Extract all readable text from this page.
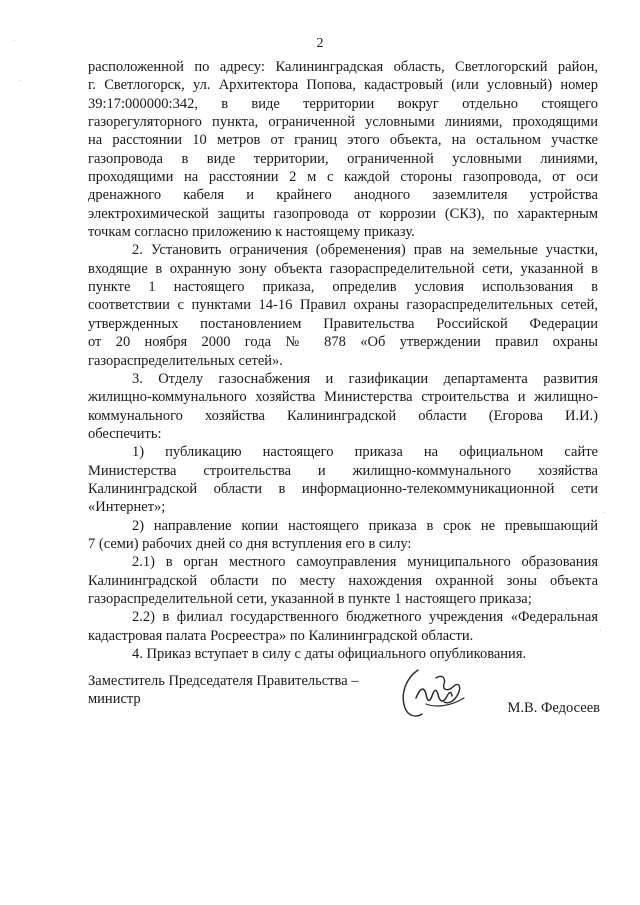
2
расположенной по адресу: Калининградская область, Светлогорский район,
г. Светлогорск, ул. Архитектора Попова, кадастровый (или условный) номер
39:17:000000:342, в виде территории вокруг отдельно стоящего
газорегуляторного пункта, ограниченной условными линиями, проходящими
на расстоянии 10 метров от границ этого объекта, на остальном участке
газопровода в виде территории, ограниченной условными линиями,
проходящими на расстоянии 2 м с каждой стороны газопровода, от оси
дренажного кабеля и крайнего анодного заземлителя устройства
электрохимической защиты газопровода от коррозии (СКЗ), по характерным
точкам согласно приложению к настоящему приказу.
2. Установить ограничения (обременения) прав на земельные участки,
входящие в охранную зону объекта газораспределительной сети, указанной в
пункте 1 настоящего приказа, определив условия использования в
соответствии с пунктами 14-16 Правил охраны газораспределительных сетей,
утвержденных постановлением Правительства Российской Федерации
от 20 ноября 2000 года № 878 «Об утверждении правил охраны
газораспределительных сетей».
3. Отделу газоснабжения и газификации департамента развития
жилищно-коммунального хозяйства Министерства строительства и жилищно-
коммунального хозяйства Калининградской области (Егорова И.И.)
обеспечить:
1) публикацию настоящего приказа на официальном сайте
Министерства строительства и жилищно-коммунального хозяйства
Калининградской области в информационно-телекоммуникационной сети
«Интернет»;
2) направление копии настоящего приказа в срок не превышающий
7 (семи) рабочих дней со дня вступления его в силу:
2.1) в орган местного самоуправления муниципального образования
Калининградской области по месту нахождения охранной зоны объекта
газораспределительной сети, указанной в пункте 1 настоящего приказа;
2.2) в филиал государственного бюджетного учреждения «Федеральная
кадастровая палата Росреестра» по Калининградской области.
4. Приказ вступает в силу с даты официального опубликования.
Заместитель Председателя Правительства –
министр
М.В. Федосеев
